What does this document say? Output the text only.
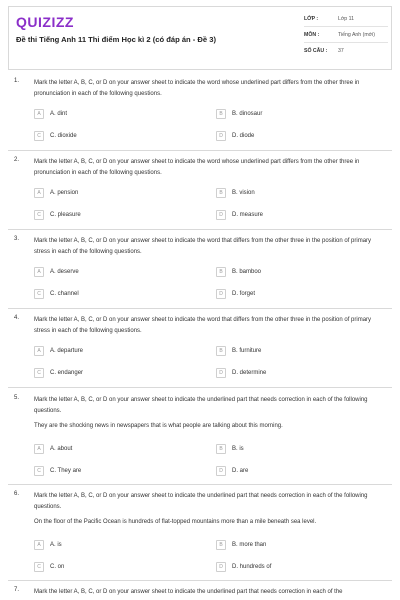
QUIZIZZ
Đề thi Tiếng Anh 11 Thi điểm Học kì 2 (có đáp án - Đề 3)
LỚP :	Lớp 11
MÔN :	Tiếng Anh (mới)
SỐ CÂU :	37
1. Mark the letter A, B, C, or D on your answer sheet to indicate the word whose underlined part differs from the other three in pronunciation in each of the following questions.
A	A. dint	B	B. dinosaur
C	C. dioxide	D	D. diode
2. Mark the letter A, B, C, or D on your answer sheet to indicate the word whose underlined part differs from the other three in pronunciation in each of the following questions.
A	A. pension	B	B. vision
C	C. pleasure	D	D. measure
3. Mark the letter A, B, C, or D on your answer sheet to indicate the word that differs from the other three in the position of primary stress in each of the following questions.
A	A. deserve	B	B. bamboo
C	C. channel	D	D. forget
4. Mark the letter A, B, C, or D on your answer sheet to indicate the word that differs from the other three in the position of primary stress in each of the following questions.
A	A. departure	B	B. furniture
C	C. endanger	D	D. determine
5. Mark the letter A, B, C, or D on your answer sheet to indicate the underlined part that needs correction in each of the following questions.
They are the shocking news in newspapers that is what people are talking about this morning.
A	A. about	B	B. is
C	C. They are	D	D. are
6. Mark the letter A, B, C, or D on your answer sheet to indicate the underlined part that needs correction in each of the following questions.
On the floor of the Pacific Ocean is hundreds of flat-topped mountains more than a mile beneath sea level.
A	A. is	B	B. more than
C	C. on	D	D. hundreds of
7. Mark the letter A, B, C, or D on your answer sheet to indicate the underlined part that needs correction in each of the
